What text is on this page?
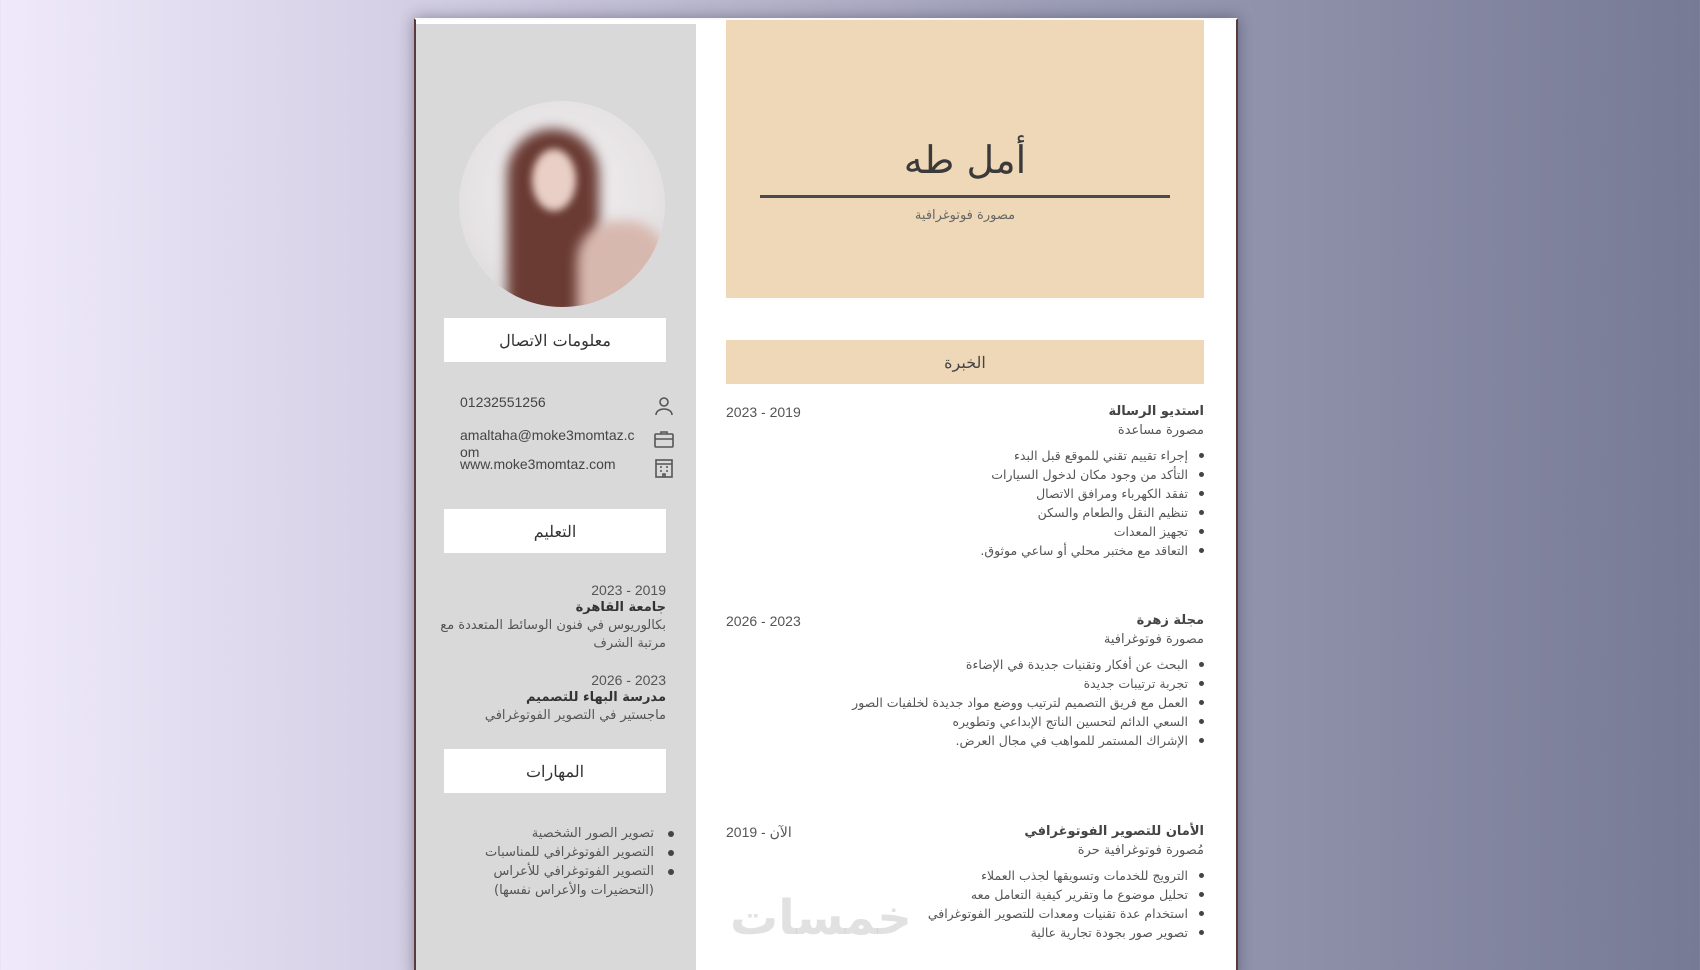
معلومات الاتصال
01232551256
amaltaha@moke3momtaz.com
www.moke3momtaz.com
التعليم
2023 - 2019
جامعة القاهرة
بكالوريوس في فنون الوسائط المتعددة مع مرتبة الشرف
2026 - 2023
مدرسة البهاء للتصميم
ماجستير في التصوير الفوتوغرافي
المهارات
تصوير الصور الشخصية
التصوير الفوتوغرافي للمناسبات
التصوير الفوتوغرافي للأعراس (التحضيرات والأعراس نفسها)
أمل طه
مصورة فوتوغرافية
الخبرة
2023 - 2019	استديو الرسالة
مصورة مساعدة
إجراء تقييم تقني للموقع قبل البدء
التأكد من وجود مكان لدخول السيارات
تفقد الكهرباء ومرافق الاتصال
تنظيم النقل والطعام والسكن
تجهيز المعدات
التعاقد مع مختبر محلي أو ساعي موثوق.
2026 - 2023	مجلة زهرة
مصورة فوتوغرافية
البحث عن أفكار وتقنيات جديدة في الإضاءة
تجربة ترتيبات جديدة
العمل مع فريق التصميم لترتيب ووضع مواد جديدة لخلفيات الصور
السعي الدائم لتحسين الناتج الإبداعي وتطويره
الإشراك المستمر للمواهب في مجال العرض.
2019 - الآن	الأمان للتصوير الفوتوغرافي
مُصورة فوتوغرافية حرة
الترويج للخدمات وتسويقها لجذب العملاء
تحليل موضوع ما وتقرير كيفية التعامل معه
استخدام عدة تقنيات ومعدات للتصوير الفوتوغرافي
تصوير صور بجودة تجارية عالية
خمسات
